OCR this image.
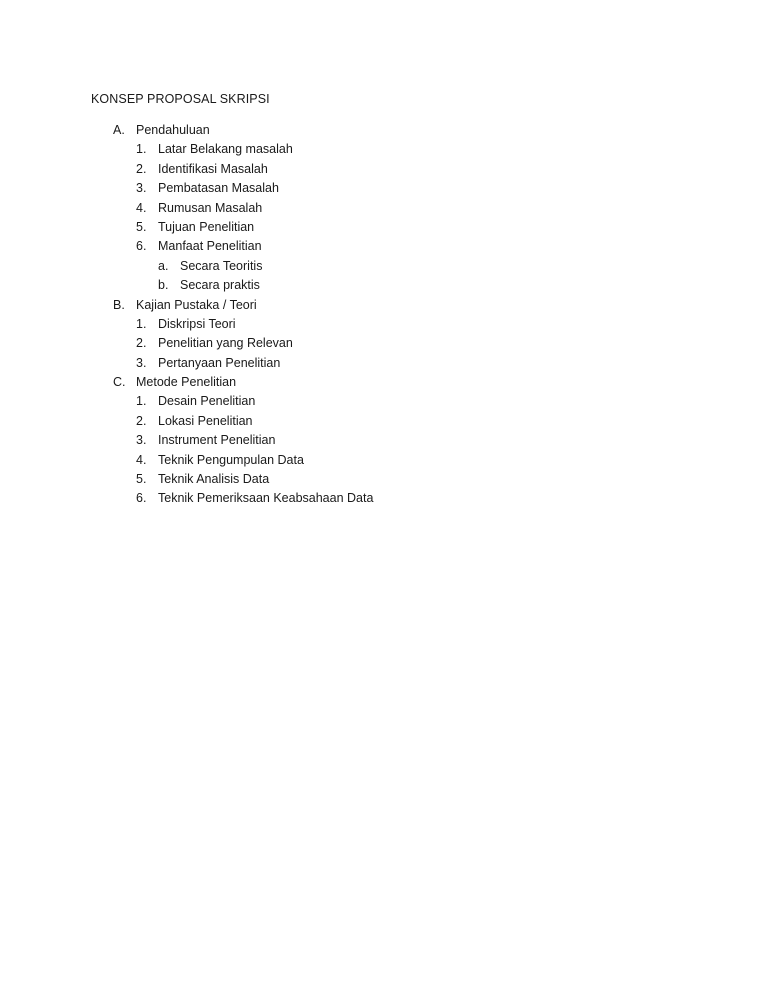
KONSEP PROPOSAL SKRIPSI
A. Pendahuluan
1. Latar Belakang masalah
2. Identifikasi Masalah
3. Pembatasan Masalah
4. Rumusan Masalah
5. Tujuan Penelitian
6. Manfaat Penelitian
a. Secara Teoritis
b. Secara praktis
B. Kajian Pustaka / Teori
1. Diskripsi Teori
2. Penelitian yang Relevan
3. Pertanyaan Penelitian
C. Metode Penelitian
1. Desain Penelitian
2. Lokasi Penelitian
3. Instrument Penelitian
4. Teknik Pengumpulan Data
5. Teknik Analisis Data
6. Teknik Pemeriksaan Keabsahaan Data
